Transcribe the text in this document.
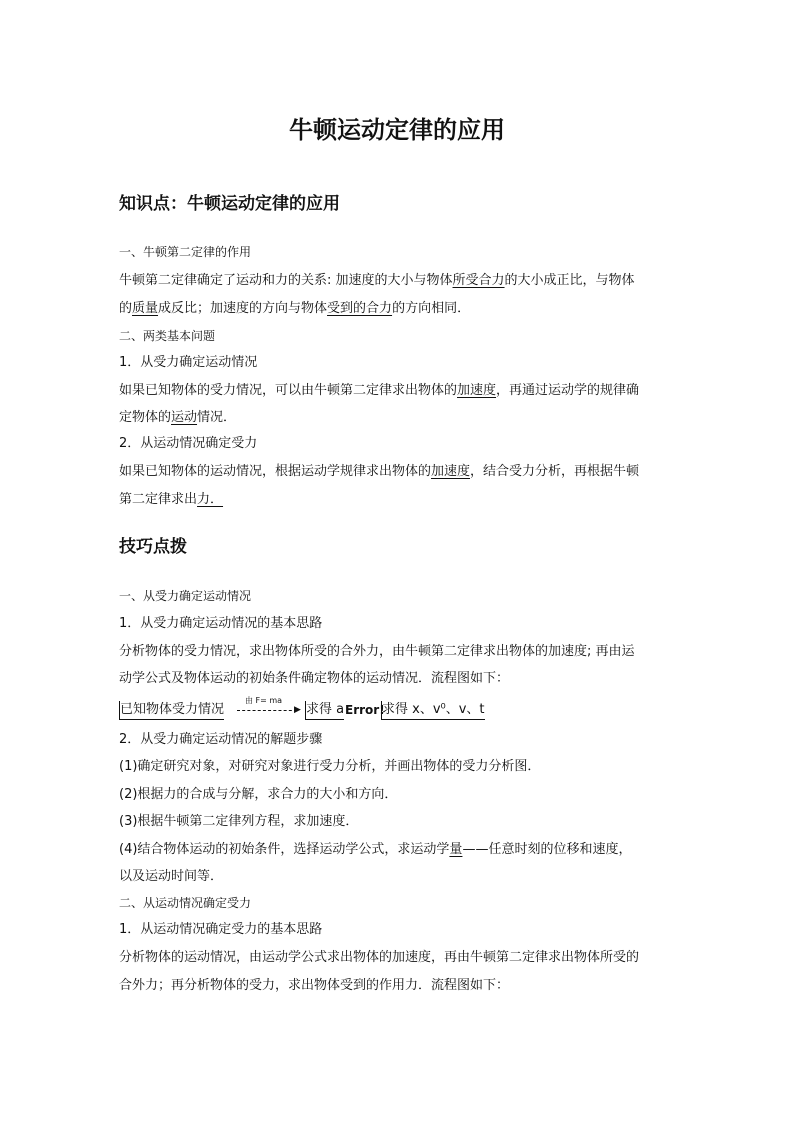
牛顿运动定律的应用
知识点：牛顿运动定律的应用
一、牛顿第二定律的作用
牛顿第二定律确定了运动和力的关系: 加速度的大小与物体所受合力的大小成正比，与物体
的质量成反比；加速度的方向与物体受到的合力的方向相同．
二、两类基本问题
1．从受力确定运动情况
如果已知物体的受力情况，可以由牛顿第二定律求出物体的加速度，再通过运动学的规律确
定物体的运动情况．
2．从运动情况确定受力
如果已知物体的运动情况，根据运动学规律求出物体的加速度，结合受力分析，再根据牛顿
第二定律求出力．
技巧点拨
一、从受力确定运动情况
1．从受力确定运动情况的基本思路
分析物体的受力情况，求出物体所受的合外力，由牛顿第二定律求出物体的加速度; 再由运
动学公式及物体运动的初始条件确定物体的运动情况．流程图如下：
已知物体受力情况
由 F= ma
▶ 求得 a Error!
求得 x、v⁰、v、t
2．从受力确定运动情况的解题步骤
(1)确定研究对象，对研究对象进行受力分析，并画出物体的受力分析图．
(2)根据力的合成与分解，求合力的大小和方向．
(3)根据牛顿第二定律列方程，求加速度．
(4)结合物体运动的初始条件，选择运动学公式，求运动学量——任意时刻的位移和速度，
以及运动时间等．
二、从运动情况确定受力
1．从运动情况确定受力的基本思路
分析物体的运动情况，由运动学公式求出物体的加速度，再由牛顿第二定律求出物体所受的
合外力；再分析物体的受力，求出物体受到的作用力．流程图如下：
